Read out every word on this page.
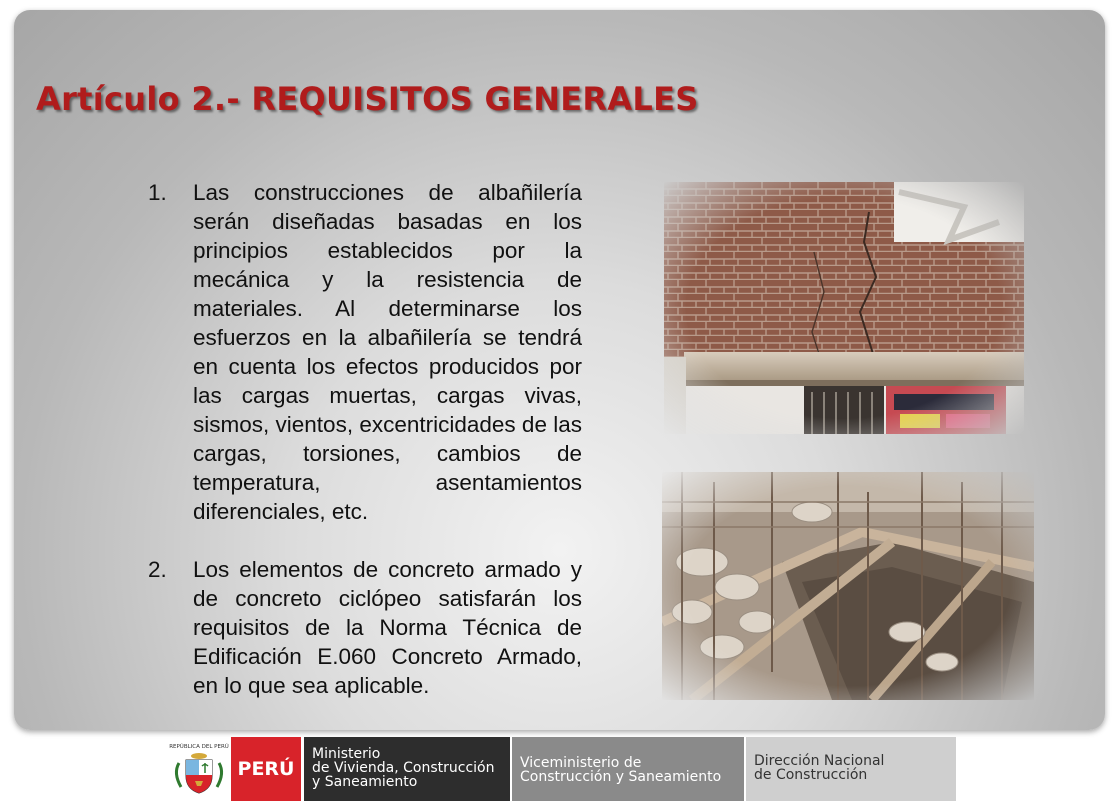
Artículo 2.- REQUISITOS GENERALES
1. Las construcciones de albañilería serán diseñadas basadas en los principios establecidos por la mecánica y la resistencia de materiales. Al determinarse los esfuerzos en la albañilería se tendrá en cuenta los efectos producidos por las cargas muertas, cargas vivas, sismos, vientos, excentricidades de las cargas, torsiones, cambios de temperatura, asentamientos diferenciales, etc.
2. Los elementos de concreto armado y de concreto ciclópeo satisfarán los requisitos de la Norma Técnica de Edificación E.060 Concreto Armado, en lo que sea aplicable.
REPÚBLICA DEL PERÚ
PERÚ
Ministerio
de Vivienda, Construcción
y Saneamiento
Viceministerio de
Construcción y Saneamiento
Dirección Nacional
de Construcción
